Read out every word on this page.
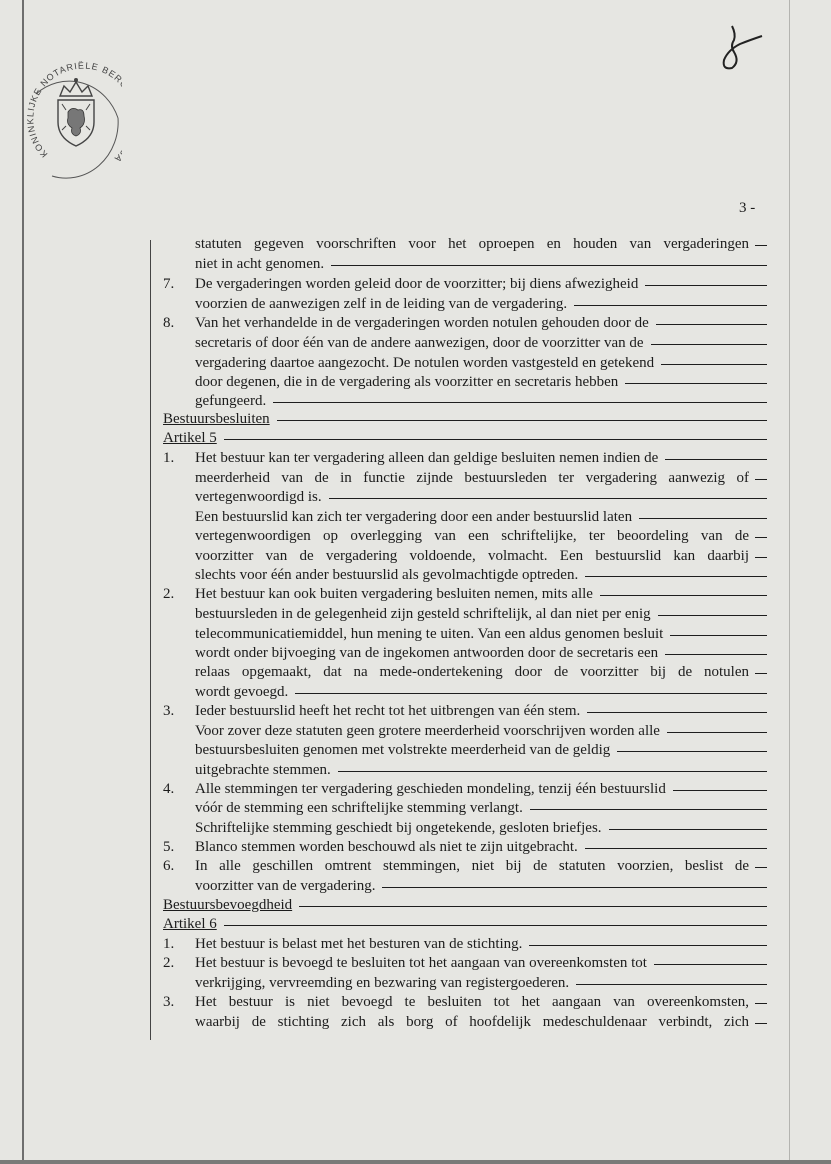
KONINKLIJKE NOTARIËLE BE
3 -
statuten gegeven voorschriften voor het oproepen en houden van vergaderingen
niet in acht genomen.
7. De vergaderingen worden geleid door de voorzitter; bij diens afwezigheid
voorzien de aanwezigen zelf in de leiding van de vergadering.
8. Van het verhandelde in de vergaderingen worden notulen gehouden door de
secretaris of door één van de andere aanwezigen, door de voorzitter van de
vergadering daartoe aangezocht. De notulen worden vastgesteld en getekend
door degenen, die in de vergadering als voorzitter en secretaris hebben
gefungeerd.
Bestuursbesluiten
Artikel 5
1. Het bestuur kan ter vergadering alleen dan geldige besluiten nemen indien de
meerderheid van de in functie zijnde bestuursleden ter vergadering aanwezig of
vertegenwoordigd is.
Een bestuurslid kan zich ter vergadering door een ander bestuurslid laten
vertegenwoordigen op overlegging van een schriftelijke, ter beoordeling van de
voorzitter van de vergadering voldoende, volmacht. Een bestuurslid kan daarbij
slechts voor één ander bestuurslid als gevolmachtigde optreden.
2. Het bestuur kan ook buiten vergadering besluiten nemen, mits alle
bestuursleden in de gelegenheid zijn gesteld schriftelijk, al dan niet per enig
telecommunicatiemiddel, hun mening te uiten. Van een aldus genomen besluit
wordt onder bijvoeging van de ingekomen antwoorden door de secretaris een
relaas opgemaakt, dat na mede-ondertekening door de voorzitter bij de notulen
wordt gevoegd.
3. Ieder bestuurslid heeft het recht tot het uitbrengen van één stem.
Voor zover deze statuten geen grotere meerderheid voorschrijven worden alle
bestuursbesluiten genomen met volstrekte meerderheid van de geldig
uitgebrachte stemmen.
4. Alle stemmingen ter vergadering geschieden mondeling, tenzij één bestuurslid
vóór de stemming een schriftelijke stemming verlangt.
Schriftelijke stemming geschiedt bij ongetekende, gesloten briefjes.
5. Blanco stemmen worden beschouwd als niet te zijn uitgebracht.
6. In alle geschillen omtrent stemmingen, niet bij de statuten voorzien, beslist de
voorzitter van de vergadering.
Bestuursbevoegdheid
Artikel 6
1. Het bestuur is belast met het besturen van de stichting.
2. Het bestuur is bevoegd te besluiten tot het aangaan van overeenkomsten tot
verkrijging, vervreemding en bezwaring van registergoederen.
3. Het bestuur is niet bevoegd te besluiten tot het aangaan van overeenkomsten,
waarbij de stichting zich als borg of hoofdelijk medeschuldenaar verbindt, zich
